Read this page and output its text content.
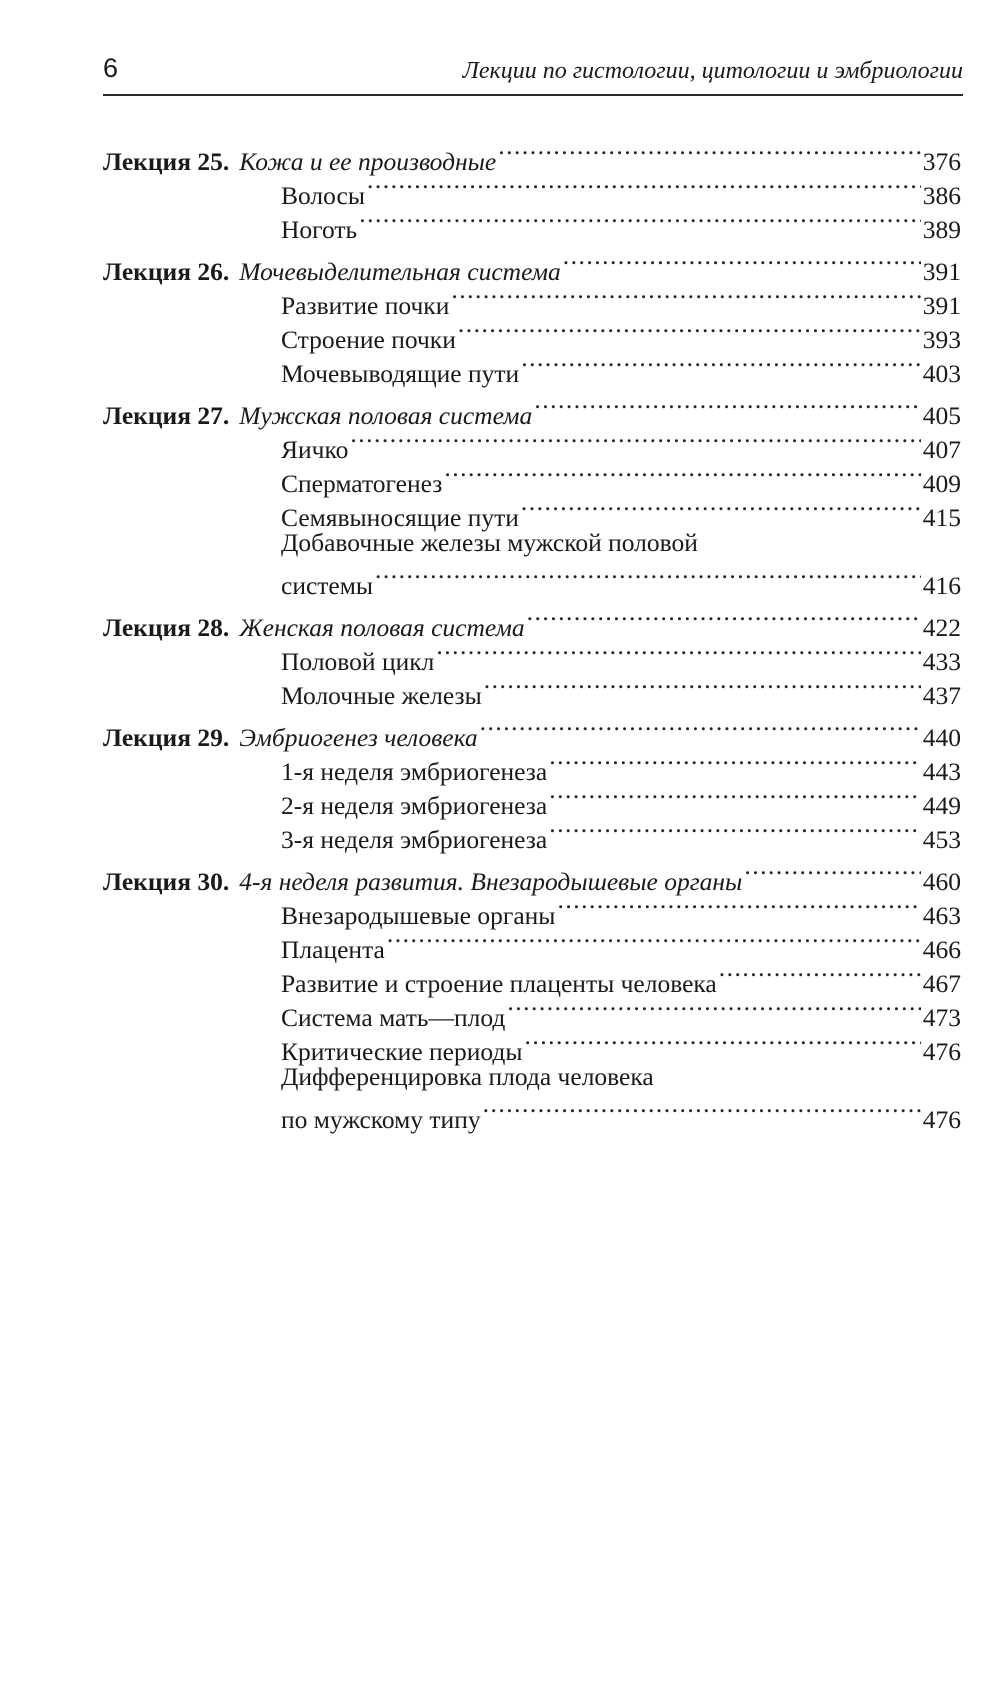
6	Лекции по гистологии, цитологии и эмбриологии
Лекция 25. Кожа и ее производные .....	376
Волосы .....	386
Ноготь .....	389
Лекция 26. Мочевыделительная система .....	391
Развитие почки .....	391
Строение почки .....	393
Мочевыводящие пути .....	403
Лекция 27. Мужская половая система .....	405
Яичко .....	407
Сперматогенез .....	409
Семявыносящие пути .....	415
Добавочные железы мужской половой
системы .....	416
Лекция 28. Женская половая система .....	422
Половой цикл .....	433
Молочные железы .....	437
Лекция 29. Эмбриогенез человека .....	440
1-я неделя эмбриогенеза .....	443
2-я неделя эмбриогенеза .....	449
3-я неделя эмбриогенеза .....	453
Лекция 30. 4-я неделя развития. Внезародышевые органы .....	460
Внезародышевые органы .....	463
Плацента .....	466
Развитие и строение плаценты человека .....	467
Система мать—плод .....	473
Критические периоды .....	476
Дифференцировка плода человека
по мужскому типу .....	476
